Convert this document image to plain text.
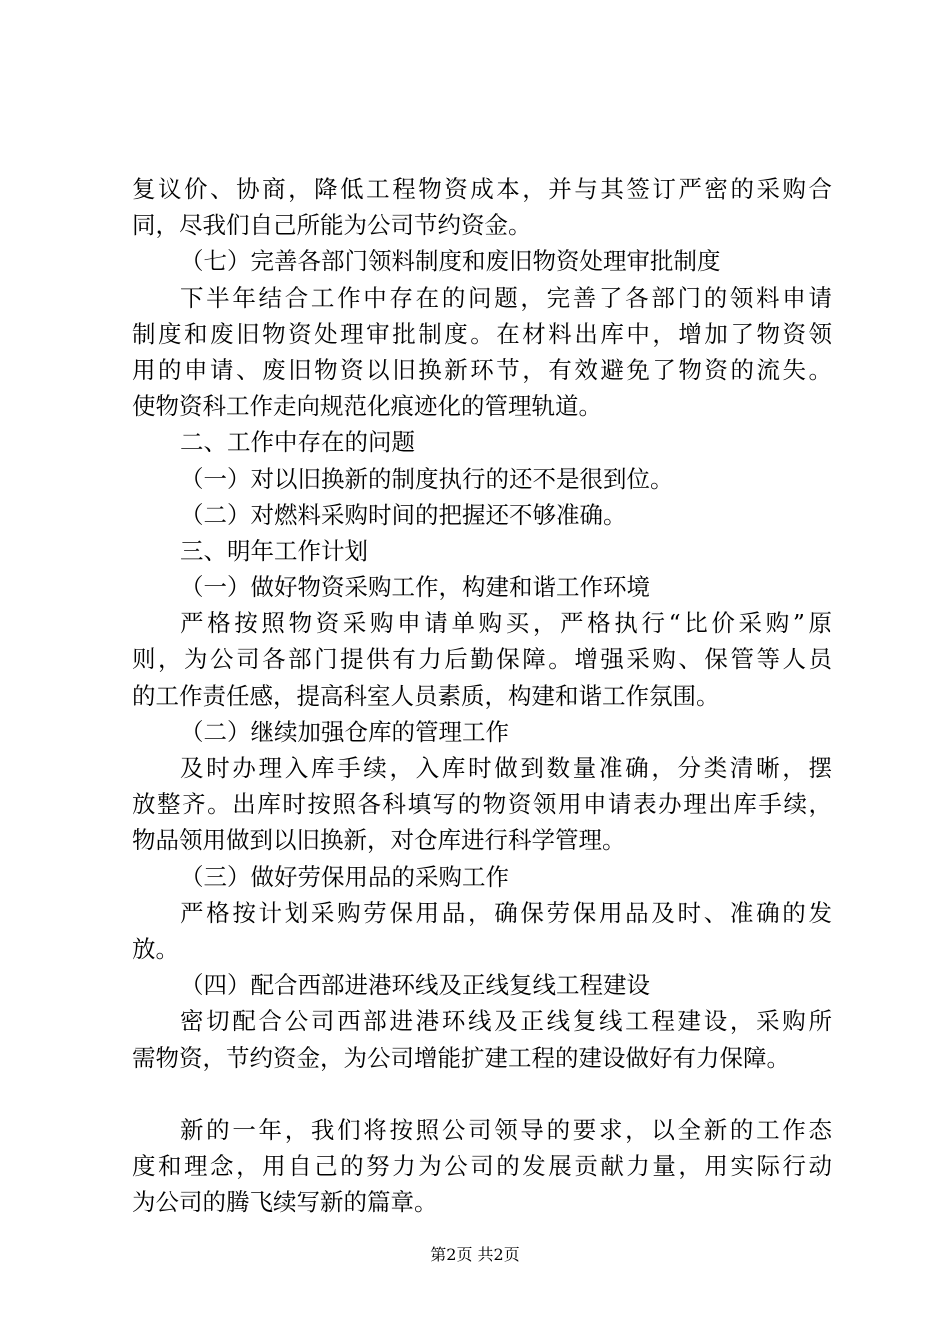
复议价、协商，降低工程物资成本，并与其签订严密的采购合
同，尽我们自己所能为公司节约资金。
（七）完善各部门领料制度和废旧物资处理审批制度
下半年结合工作中存在的问题，完善了各部门的领料申请
制度和废旧物资处理审批制度。在材料出库中，增加了物资领
用的申请、废旧物资以旧换新环节，有效避免了物资的流失。
使物资科工作走向规范化痕迹化的管理轨道。
二、工作中存在的问题
（一）对以旧换新的制度执行的还不是很到位。
（二）对燃料采购时间的把握还不够准确。
三、明年工作计划
（一）做好物资采购工作，构建和谐工作环境
严格按照物资采购申请单购买，严格执行“比价采购”原
则，为公司各部门提供有力后勤保障。增强采购、保管等人员
的工作责任感，提高科室人员素质，构建和谐工作氛围。
（二）继续加强仓库的管理工作
及时办理入库手续，入库时做到数量准确，分类清晰，摆
放整齐。出库时按照各科填写的物资领用申请表办理出库手续，
物品领用做到以旧换新，对仓库进行科学管理。
（三）做好劳保用品的采购工作
严格按计划采购劳保用品，确保劳保用品及时、准确的发
放。
（四）配合西部进港环线及正线复线工程建设
密切配合公司西部进港环线及正线复线工程建设，采购所
需物资，节约资金，为公司增能扩建工程的建设做好有力保障。
新的一年，我们将按照公司领导的要求，以全新的工作态
度和理念，用自己的努力为公司的发展贡献力量，用实际行动
为公司的腾飞续写新的篇章。
第2页 共2页
